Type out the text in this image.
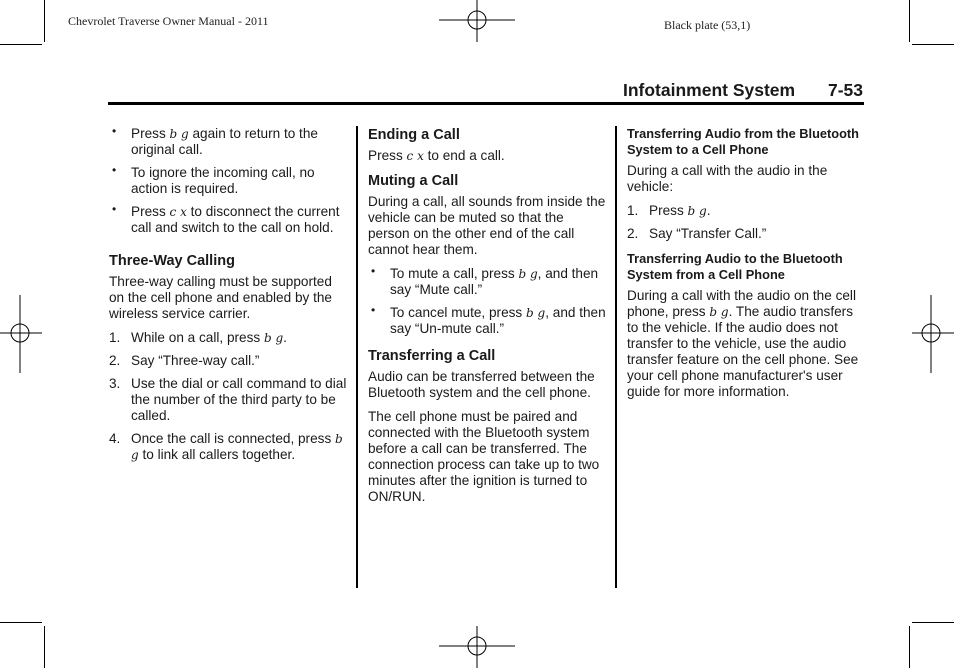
Chevrolet Traverse Owner Manual - 2011	Black plate (53,1)
Infotainment System 7-53
• Press b g again to return to the original call.
• To ignore the incoming call, no action is required.
• Press c x to disconnect the current call and switch to the call on hold.
Three-Way Calling

Three-way calling must be supported on the cell phone and enabled by the wireless service carrier.

1. While on a call, press b g.
2. Say “Three-way call.”
3. Use the dial or call command to dial the number of the third party to be called.
4. Once the call is connected, press b g to link all callers together.
Ending a Call

Press c x to end a call.

Muting a Call

During a call, all sounds from inside the vehicle can be muted so that the person on the other end of the call cannot hear them.

• To mute a call, press b g, and then say “Mute call.”
• To cancel mute, press b g, and then say “Un-mute call.”
Transferring a Call

Audio can be transferred between the Bluetooth system and the cell phone.

The cell phone must be paired and connected with the Bluetooth system before a call can be transferred. The connection process can take up to two minutes after the ignition is turned to ON/RUN.

Transferring Audio from the Bluetooth System to a Cell Phone

During a call with the audio in the vehicle:

1. Press b g.
2. Say “Transfer Call.”
Transferring Audio to the Bluetooth System from a Cell Phone

During a call with the audio on the cell phone, press b g. The audio transfers to the vehicle. If the audio does not transfer to the vehicle, use the audio transfer feature on the cell phone. See your cell phone manufacturer's user guide for more information.
